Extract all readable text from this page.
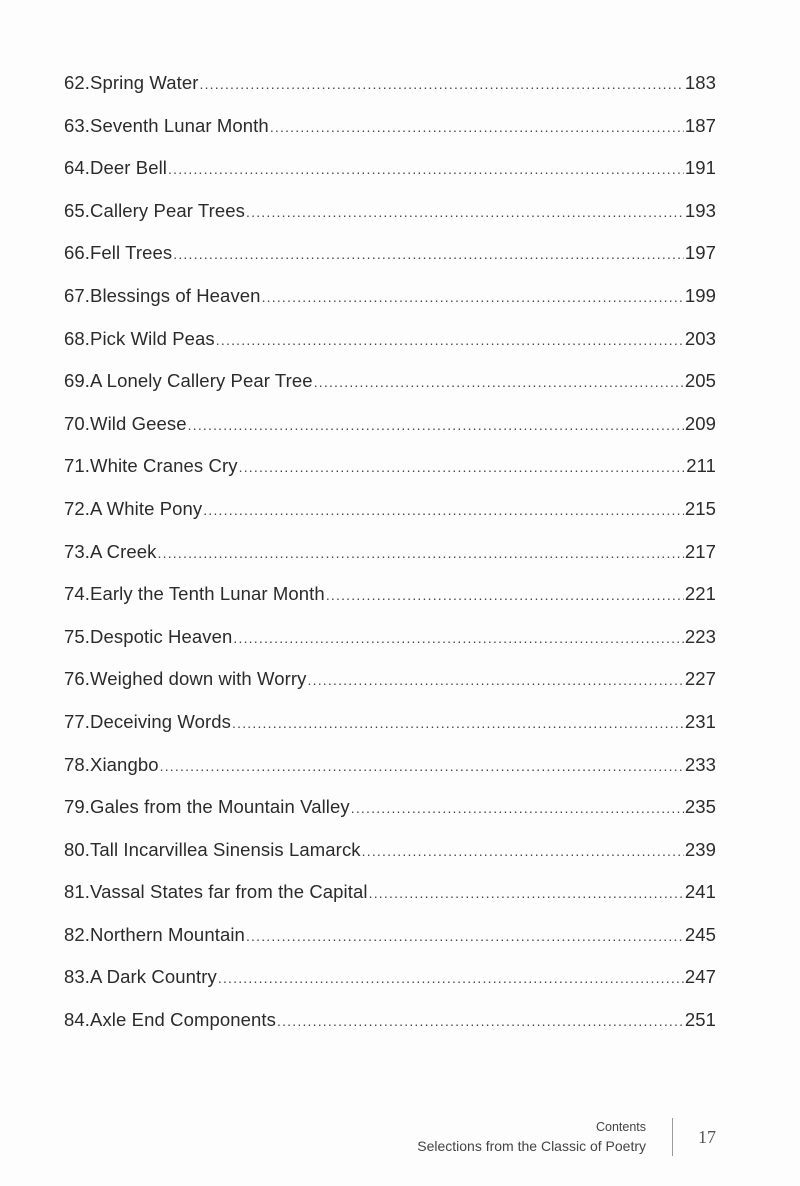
62.Spring Water .....	183
63.Seventh Lunar Month .....	187
64.Deer Bell .....	191
65.Callery Pear Trees .....	193
66.Fell Trees .....	197
67.Blessings of Heaven .....	199
68.Pick Wild Peas .....	203
69.A Lonely Callery Pear Tree .....	205
70.Wild Geese .....	209
71.White Cranes Cry .....	211
72.A White Pony .....	215
73.A Creek .....	217
74.Early the Tenth Lunar Month .....	221
75.Despotic Heaven .....	223
76.Weighed down with Worry .....	227
77.Deceiving Words .....	231
78.Xiangbo .....	233
79.Gales from the Mountain Valley .....	235
80.Tall Incarvillea Sinensis Lamarck .....	239
81.Vassal States far from the Capital .....	241
82.Northern Mountain .....	245
83.A Dark Country .....	247
84.Axle End Components .....	251
Contents
Selections from the Classic of Poetry	17
